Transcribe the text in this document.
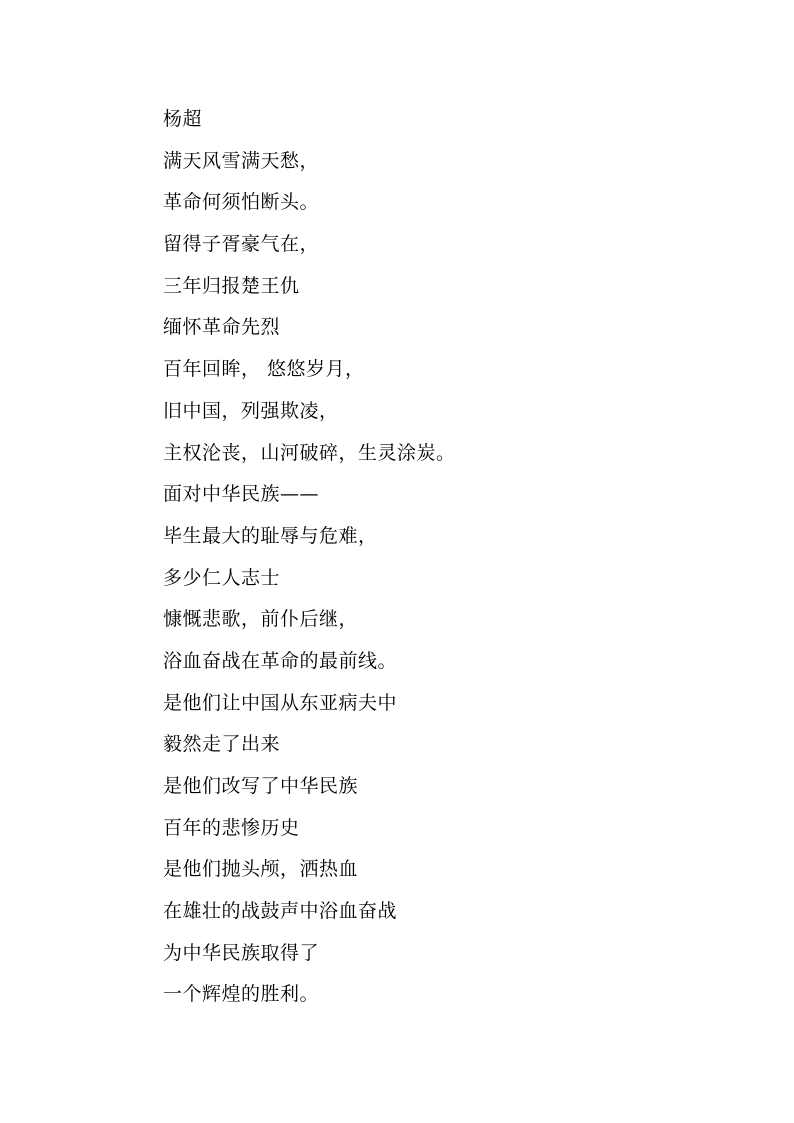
杨超
满天风雪满天愁，
革命何须怕断头。
留得子胥豪气在，
三年归报楚王仇
缅怀革命先烈
百年回眸， 悠悠岁月，
旧中国，列强欺凌，
主权沦丧，山河破碎，生灵涂炭。
面对中华民族——
毕生最大的耻辱与危难，
多少仁人志士
慷慨悲歌，前仆后继，
浴血奋战在革命的最前线。
是他们让中国从东亚病夫中
毅然走了出来
是他们改写了中华民族
百年的悲惨历史
是他们抛头颅，洒热血
在雄壮的战鼓声中浴血奋战
为中华民族取得了
一个辉煌的胜利。
